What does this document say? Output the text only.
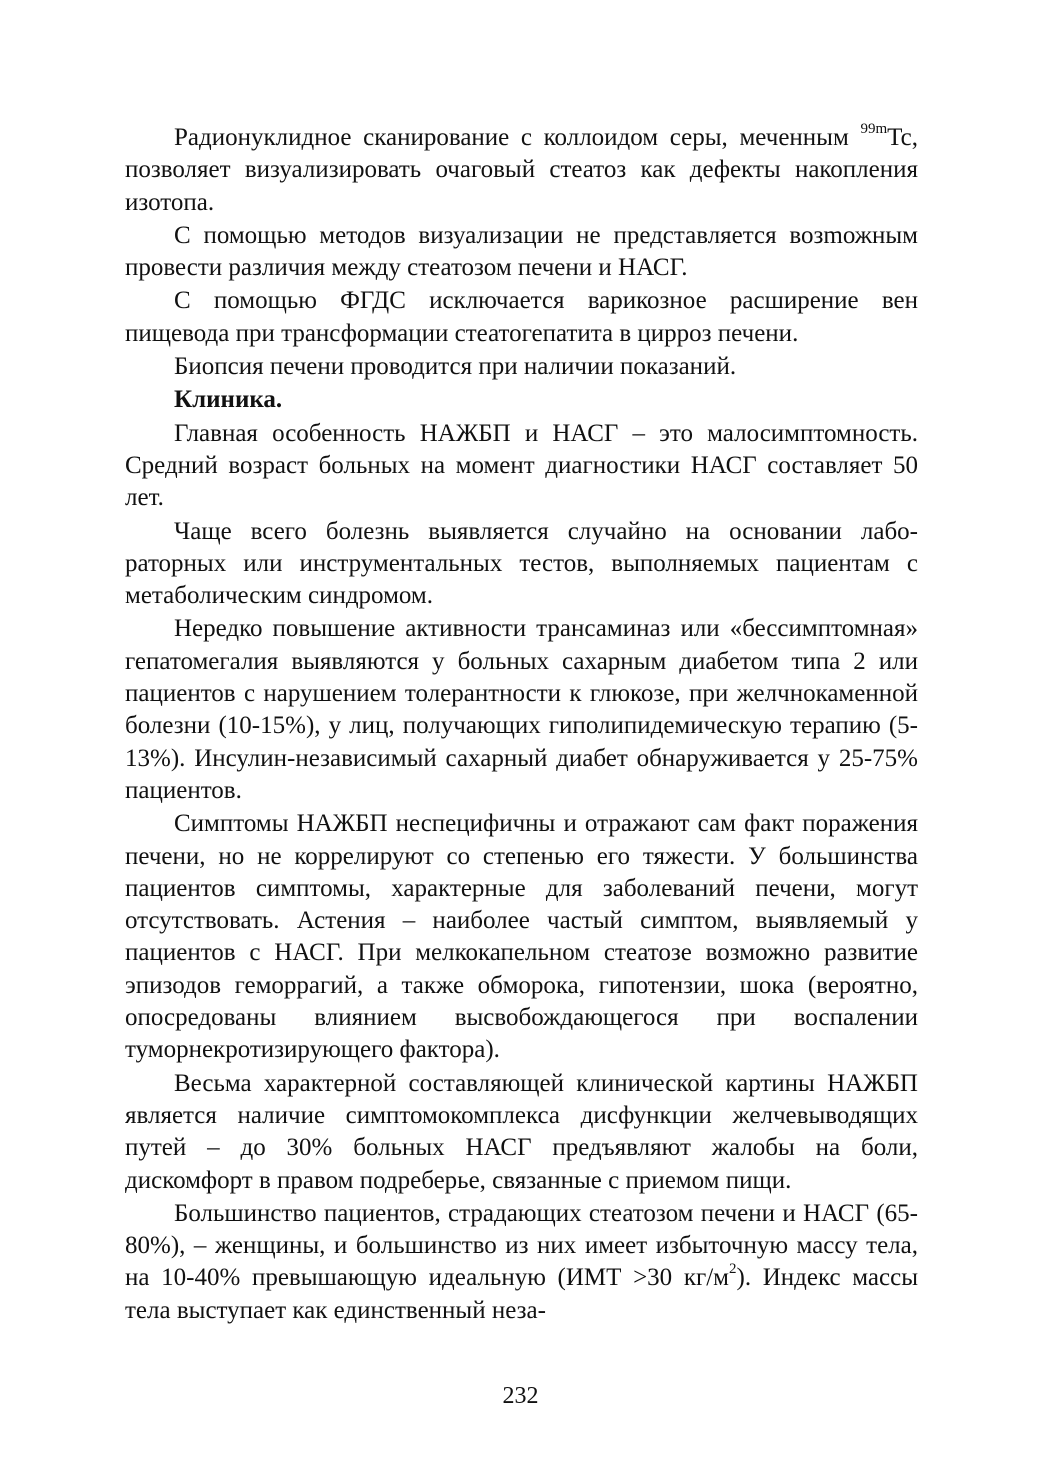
Радионуклидное сканирование с коллоидом серы, меченным $^{99m}$Tc, позволяет визуализировать очаговый стеатоз как дефекты накопления изотопа.

С помощью методов визуализации не представляется возmожным провести различия между стеатозом печени и НАСГ.

С помощью ФГДС исключается варикозное расширение вен пищевода при трансформации стеатогепатита в цирроз печени.

Биопсия печени проводится при наличии показаний.

Клиника.

Главная особенность НАЖБП и НАСГ – это малосимптомность. Средний возраст больных на момент диагностики НАСГ составляет 50 лет.

Чаще всего болезнь выявляется случайно на основании лабораторных или инструментальных тестов, выполняемых пациентам с метаболическим синдромом.

Нередко повышение активности трансаминаз или «бессимптомная» гепатомегалия выявляются у больных сахарным диабетом типа 2 или пациентов с нарушением толерантности к глюкозе, при желчнокаменной болезни (10-15%), у лиц, получающих гиполипидемическую терапию (5-13%). Инсулин-независимый сахарный диабет обнаруживается у 25-75% пациентов.

Симптомы НАЖБП неспецифичны и отражают сам факт поражения печени, но не коррелируют со степенью его тяжести. У большинства пациентов симптомы, характерные для заболеваний печени, могут отсутствовать. Астения – наиболее частый симптом, выявляемый у пациентов с НАСГ. При мелкокапельном стеатозе возможно развитие эпизодов геморрагий, а также обморока, гипотензии, шока (вероятно, опосредованы влиянием высвобождающегося при воспалении туморнекротизирующего фактора).

Весьма характерной составляющей клинической картины НАЖБП является наличие симптомокомплекса дисфункции желчевыводящих путей – до 30% больных НАСГ предъявляют жалобы на боли, дискомфорт в правом подреберье, связанные с приемом пищи.

Большинство пациентов, страдающих стеатозом печени и НАСГ (65-80%), – женщины, и большинство из них имеет избыточную массу тела, на 10-40% превышающую идеальную (ИМТ >30 $кг/м^2$). Индекс массы тела выступает как единственный неза-

232
